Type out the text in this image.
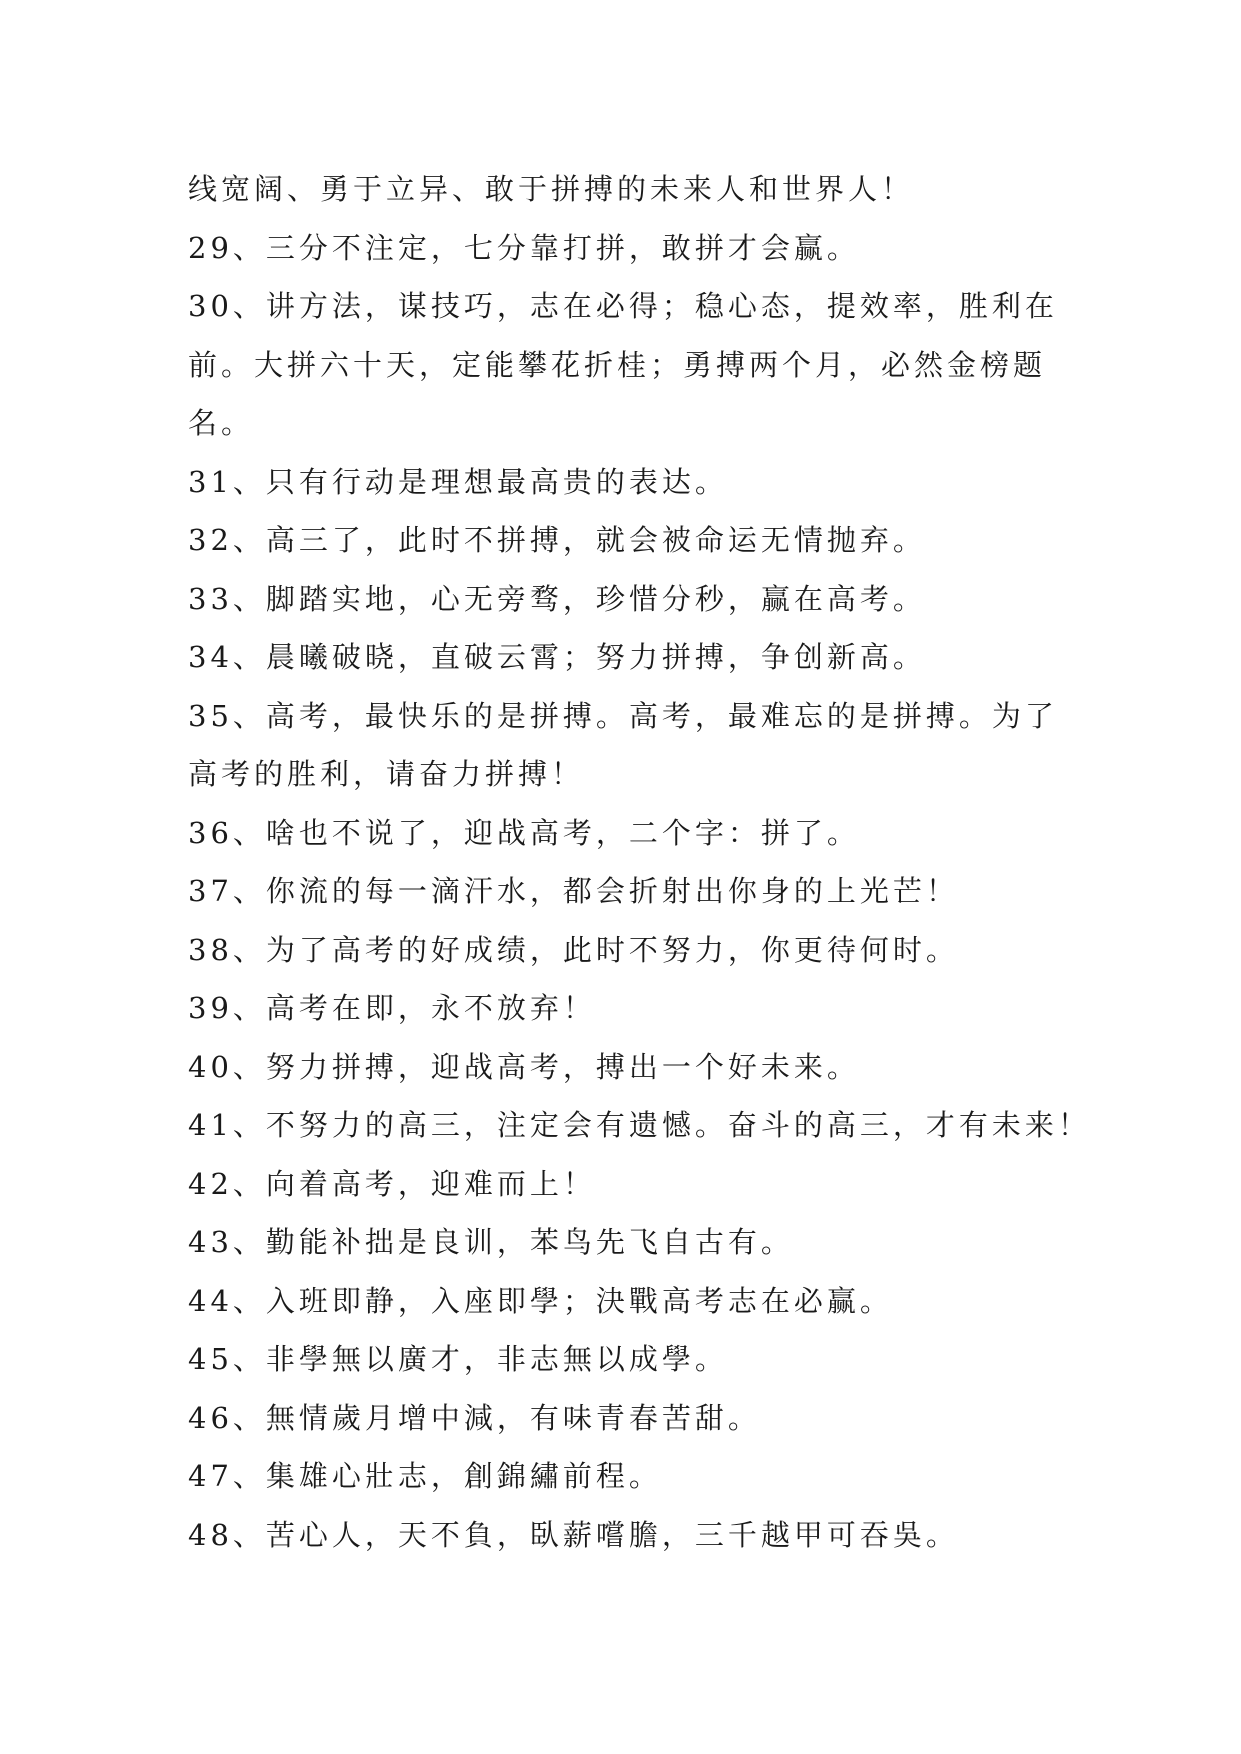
线宽阔、勇于立异、敢于拼搏的未来人和世界人！
29、三分不注定，七分靠打拼，敢拼才会赢。
30、讲方法，谋技巧，志在必得；稳心态，提效率，胜利在
前。大拼六十天，定能攀花折桂；勇搏两个月，必然金榜题
名。
31、只有行动是理想最高贵的表达。
32、高三了，此时不拼搏，就会被命运无情抛弃。
33、脚踏实地，心无旁骛，珍惜分秒，赢在高考。
34、晨曦破晓，直破云霄；努力拼搏，争创新高。
35、高考，最快乐的是拼搏。高考，最难忘的是拼搏。为了
高考的胜利，请奋力拼搏！
36、啥也不说了，迎战高考，二个字：拼了。
37、你流的每一滴汗水，都会折射出你身的上光芒！
38、为了高考的好成绩，此时不努力，你更待何时。
39、高考在即，永不放弃！
40、努力拼搏，迎战高考，搏出一个好未来。
41、不努力的高三，注定会有遗憾。奋斗的高三，才有未来！
42、向着高考，迎难而上！
43、勤能补拙是良训，苯鸟先飞自古有。
44、入班即静，入座即學；決戰高考志在必赢。
45、非學無以廣才，非志無以成學。
46、無情歲月增中減，有味青春苦甜。
47、集雄心壯志，創錦繡前程。
48、苦心人，天不負，臥薪嚐膽，三千越甲可吞吳。
